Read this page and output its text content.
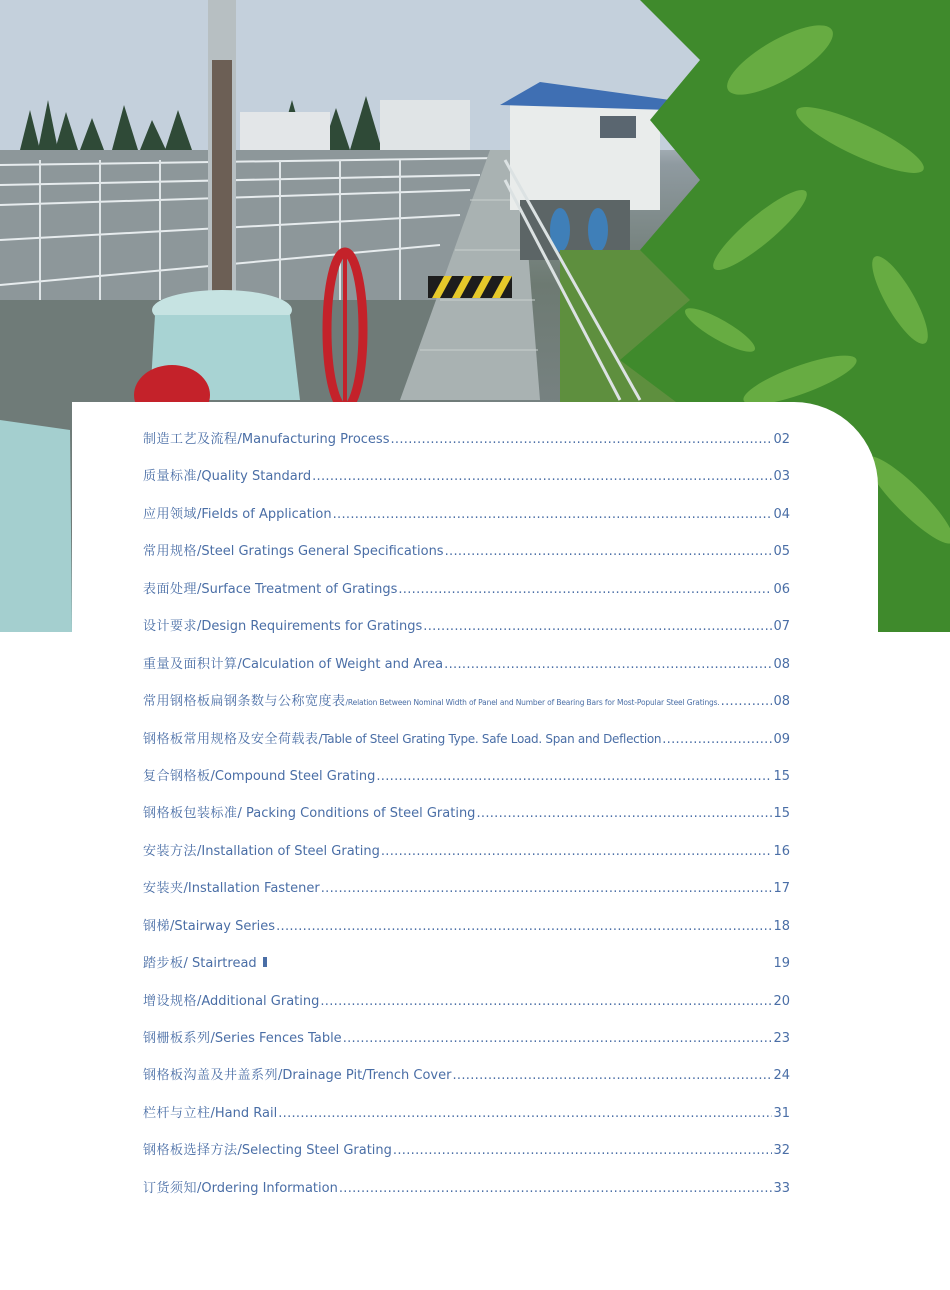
制造工艺及流程 /Manufacturing Process .....	02
质量标准 /Quality Standard .....	03
应用领域 /Fields of Application .....	04
常用规格 /Steel Gratings General Specifications .....	05
表面处理 /Surface Treatment of Gratings .....	06
设计要求 /Design Requirements for Gratings .....	07
重量及面积计算 /Calculation of Weight and Area .....	08
常用钢格板扁钢条数与公称宽度表 /Relation Between Nominal Width of Panel and Number of Bearing Bars for Most-Popular Steel Gratings. .....	08
钢格板常用规格及安全荷载表 /Table of Steel Grating Type. Safe Load. Span and Deflection .....	09
复合钢格板 /Compound Steel Grating .....	15
钢格板包装标准 / Packing Conditions of Steel Grating .....	15
安装方法 /Installation of Steel Grating .....	16
安装夹 /Installation Fastener .....	17
钢梯 /Stairway Series .....	18
踏步板 / Stairtread	19
增设规格 /Additional Grating .....	20
钢栅板系列 /Series Fences Table .....	23
钢格板沟盖及井盖系列 /Drainage Pit/Trench Cover .....	24
栏杆与立柱 /Hand Rail .....	31
钢格板选择方法 /Selecting Steel Grating .....	32
订货须知 /Ordering Information .....	33
